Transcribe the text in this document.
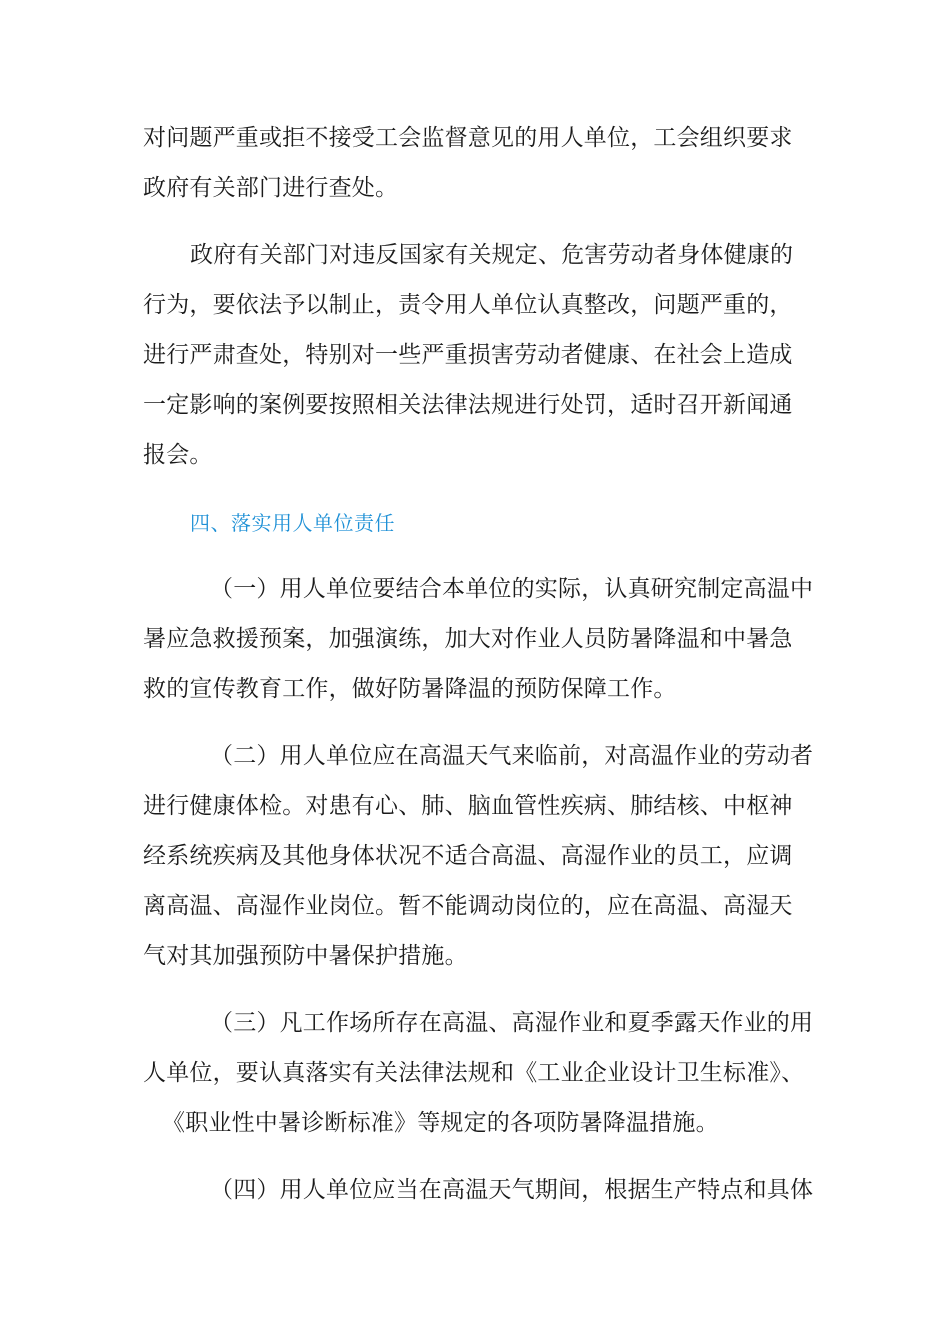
对问题严重或拒不接受工会监督意见的用人单位，工会组织要求
政府有关部门进行查处。
政府有关部门对违反国家有关规定、危害劳动者身体健康的
行为，要依法予以制止，责令用人单位认真整改，问题严重的，
进行严肃查处，特别对一些严重损害劳动者健康、在社会上造成
一定影响的案例要按照相关法律法规进行处罚，适时召开新闻通
报会。
四、落实用人单位责任
（一）用人单位要结合本单位的实际，认真研究制定高温中
暑应急救援预案，加强演练，加大对作业人员防暑降温和中暑急
救的宣传教育工作，做好防暑降温的预防保障工作。
（二）用人单位应在高温天气来临前，对高温作业的劳动者
进行健康体检。对患有心、肺、脑血管性疾病、肺结核、中枢神
经系统疾病及其他身体状况不适合高温、高湿作业的员工，应调
离高温、高湿作业岗位。暂不能调动岗位的，应在高温、高湿天
气对其加强预防中暑保护措施。
（三）凡工作场所存在高温、高湿作业和夏季露天作业的用
人单位，要认真落实有关法律法规和《工业企业设计卫生标准》、
《职业性中暑诊断标准》等规定的各项防暑降温措施。
（四）用人单位应当在高温天气期间，根据生产特点和具体
